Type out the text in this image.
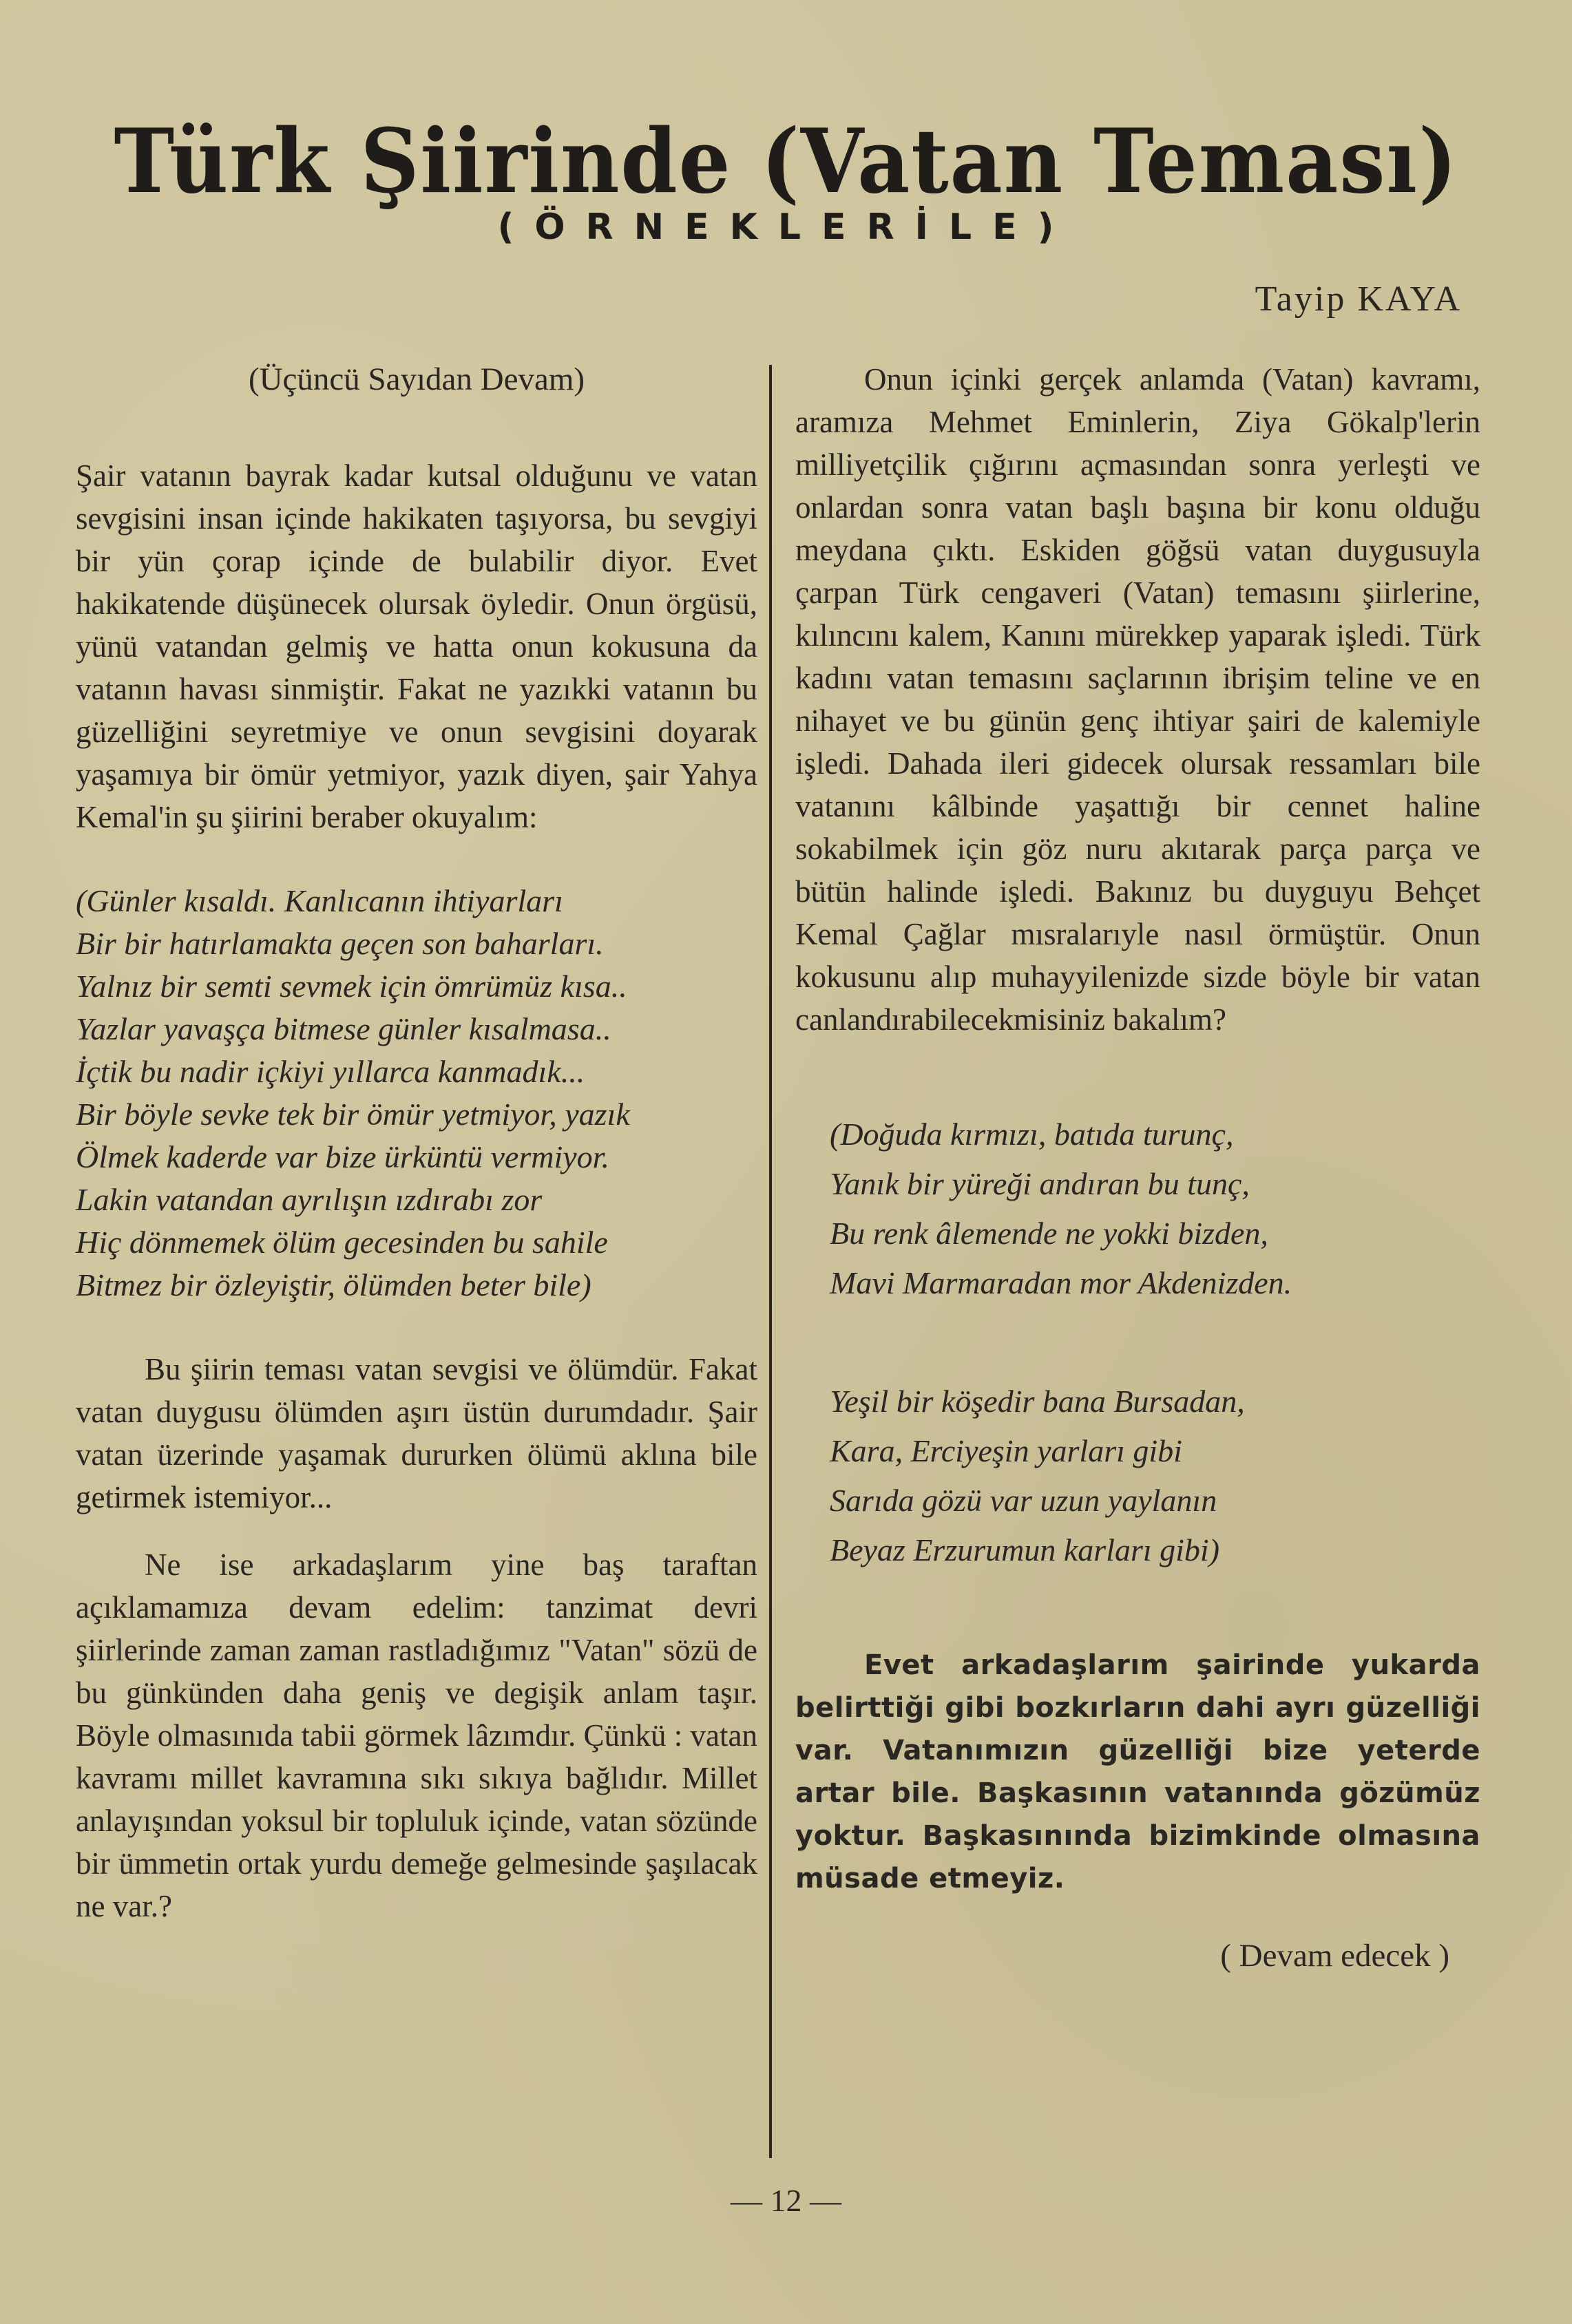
Türk Şiirinde (Vatan Teması)
(ÖRNEKLERİLE)
Tayip KAYA
(Üçüncü Sayıdan Devam)

Şair vatanın bayrak kadar kutsal olduğunu ve vatan sevgisini insan içinde hakikaten taşıyorsa, bu sevgiyi bir yün çorap içinde de bulabilir diyor. Evet hakikatende düşünecek olursak öyledir. Onun örgüsü, yünü vatandan gelmiş ve hatta onun kokusuna da vatanın havası sinmiştir. Fakat ne yazıkki vatanın bu güzelliğini seyretmiye ve onun sevgisini doyarak yaşamıya bir ömür yetmiyor, yazık diyen, şair Yahya Kemal'in şu şiirini beraber okuyalım:

(Günler kısaldı. Kanlıcanın ihtiyarları
Bir bir hatırlamakta geçen son baharları.
Yalnız bir semti sevmek için ömrümüz kısa..
Yazlar yavaşça bitmese günler kısalmasa..
İçtik bu nadir içkiyi yıllarca kanmadık...
Bir böyle sevke tek bir ömür yetmiyor, yazık
Ölmek kaderde var bize ürküntü vermiyor.
Lakin vatandan ayrılışın ızdırabı zor
Hiç dönmemek ölüm gecesinden bu sahile
Bitmez bir özleyiştir, ölümden beter bile)

Bu şiirin teması vatan sevgisi ve ölümdür. Fakat vatan duygusu ölümden aşırı üstün durumdadır. Şair vatan üzerinde yaşamak dururken ölümü aklına bile getirmek istemiyor...

Ne ise arkadaşlarım yine baş taraftan açıklamamıza devam edelim: tanzimat devri şiirlerinde zaman zaman rastladığımız "Vatan" sözü de bu günkünden daha geniş ve degişik anlam taşır. Böyle olmasınıda tabii görmek lâzımdır. Çünkü : vatan kavramı millet kavramına sıkı sıkıya bağlıdır. Millet anlayışından yoksul bir topluluk içinde, vatan sözünde bir ümmetin ortak yurdu demeğe gelmesinde şaşılacak ne var.?

Onun içinki gerçek anlamda (Vatan) kavramı, aramıza Mehmet Eminlerin, Ziya Gökalp'lerin milliyetçilik çığırını açmasından sonra yerleşti ve onlardan sonra vatan başlı başına bir konu olduğu meydana çıktı. Eskiden göğsü vatan duygusuyla çarpan Türk cengaveri (Vatan) temasını şiirlerine, kılıncını kalem, Kanını mürekkep yaparak işledi. Türk kadını vatan temasını saçlarının ibrişim teline ve en nihayet ve bu günün genç ihtiyar şairi de kalemiyle işledi. Dahada ileri gidecek olursak ressamları bile vatanını kâlbinde yaşattığı bir cennet haline sokabilmek için göz nuru akıtarak parça parça ve bütün halinde işledi. Bakınız bu duyguyu Behçet Kemal Çağlar mısralarıyle nasıl örmüştür. Onun kokusunu alıp muhayyilenizde sizde böyle bir vatan canlandırabilecekmisiniz bakalım?

(Doğuda kırmızı, batıda turunç,
Yanık bir yüreği andıran bu tunç,
Bu renk âlemende ne yokki bizden,
Mavi Marmaradan mor Akdenizden.
Yeşil bir köşedir bana Bursadan,
Kara, Erciyeşin yarları gibi
Sarıda gözü var uzun yaylanın
Beyaz Erzurumun karları gibi)

Evet arkadaşlarım şairinde yukarda belirttiği gibi bozkırların dahi ayrı güzelliği var. Vatanımızın güzelliği bize yeterde artar bile. Başkasının vatanında gözümüz yoktur. Başkasınında bizimkinde olmasına müsade etmeyiz.

( Devam edecek )
— 12 —
